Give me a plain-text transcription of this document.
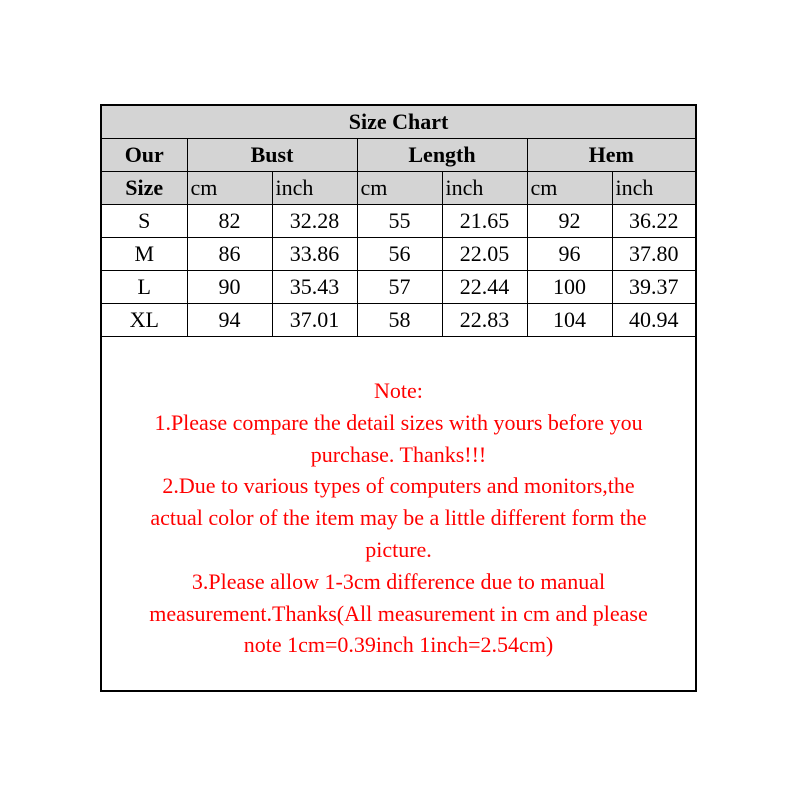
Size Chart						
Our	Bust		Length		Hem	
Size	cm	inch	cm	inch	cm	inch
S	82	32.28	55	21.65	92	36.22
M	86	33.86	56	22.05	96	37.80
L	90	35.43	57	22.44	100	39.37
XL	94	37.01	58	22.83	104	40.94
Note:
1.Please compare the detail sizes with yours before you
purchase. Thanks!!!
2.Due to various types of computers and monitors,the
actual color of the item may be a little different form the
picture.
3.Please allow 1-3cm difference due to manual
measurement.Thanks(All measurement in cm and please
note 1cm=0.39inch 1inch=2.54cm)
